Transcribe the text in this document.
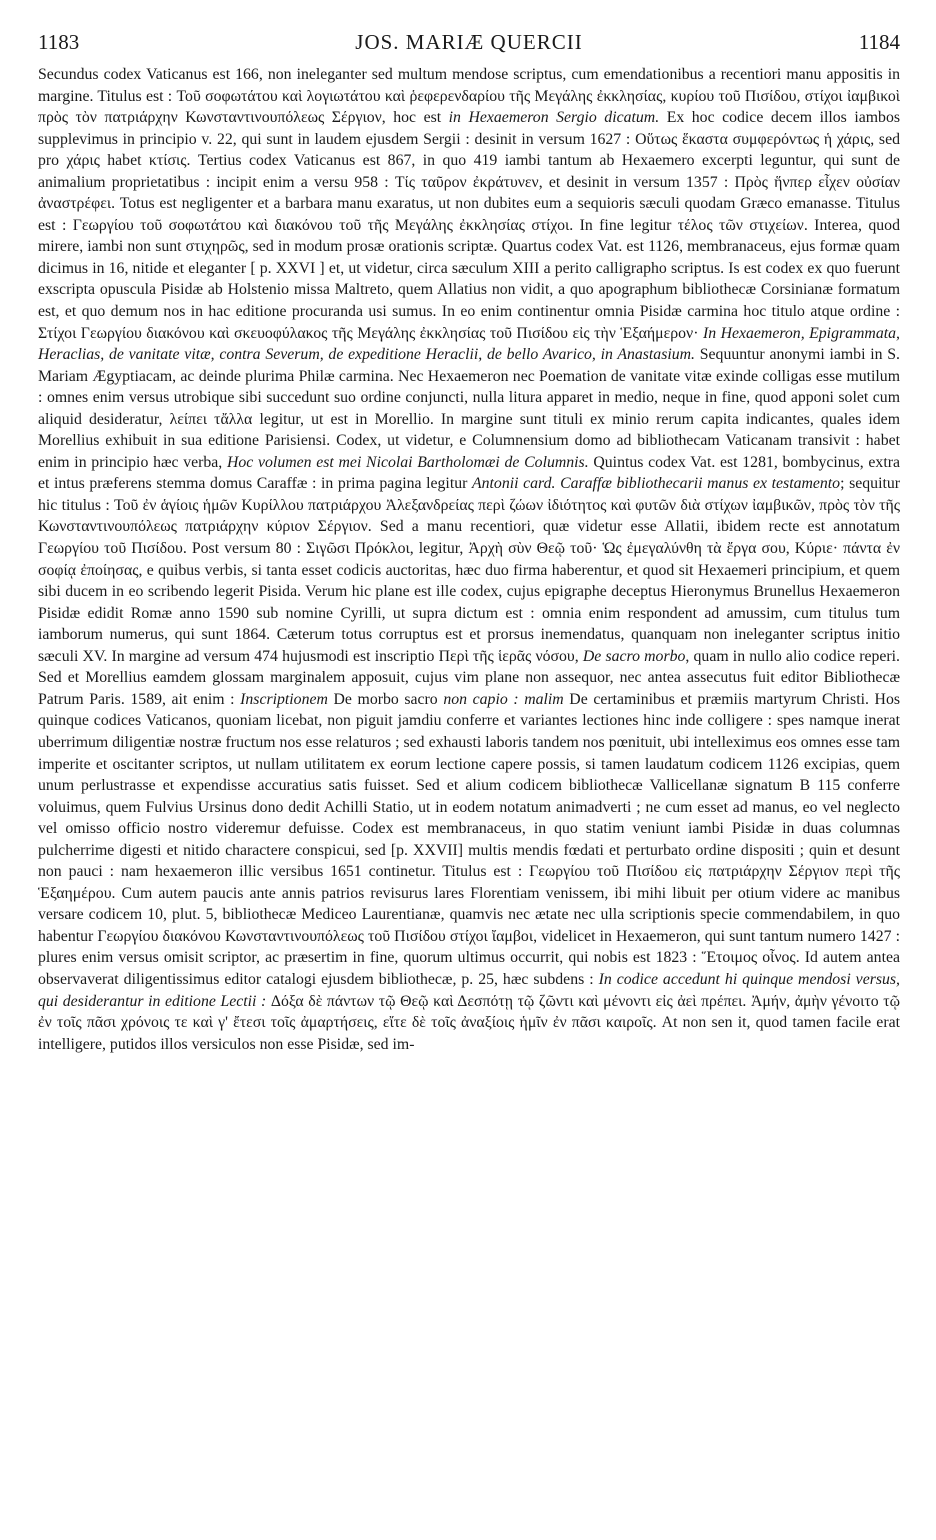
1183	JOS. MARIÆ QUERCII	1184

Secundus codex Vaticanus est 166, non ineleganter sed multum mendose scriptus, cum emendationibus a recentiori manu appositis in margine. Titulus est : Τοῦ σοφωτάτου καὶ λογιωτάτου καὶ ῥεφερενδαρίου τῆς Μεγάλης ἐκκλησίας, κυρίου τοῦ Πισίδου, στίχοι ἰαμβικοὶ πρὸς τὸν πατριάρχην Κωνσταντινουπόλεως Σέργιον, hoc est in Hexaemeron Sergio dicatum. Ex hoc codice decem illos iambos supplevimus in principio v. 22, qui sunt in laudem ejusdem Sergii : desinit in versum 1627 : Οὕτως ἕκαστα συμφερόντως ἡ χάρις, sed pro χάρις habet κτίσις. Tertius codex Vaticanus est 867, in quo 419 iambi tantum ab Hexaemero excerpti leguntur, qui sunt de animalium proprietatibus : incipit enim a versu 958 : Τίς ταῦρον ἐκράτυνεν, et desinit in versum 1357 : Πρὸς ἥνπερ εἶχεν οὐσίαν ἀναστρέφει. Totus est negligenter et a barbara manu exaratus, ut non dubites eum a sequioris sæculi quodam Græco emanasse. Titulus est : Γεωργίου τοῦ σοφωτάτου καὶ διακόνου τοῦ τῆς Μεγάλης ἐκκλησίας στίχοι. In fine legitur τέλος τῶν στιχείων. Interea, quod mirere, iambi non sunt στιχηρῶς, sed in modum prosæ orationis scriptæ. Quartus codex Vat. est 1126, membranaceus, ejus formæ quam dicimus in 16, nitide et eleganter [ p. XXVI ] et, ut videtur, circa sæculum XIII a perito calligrapho scriptus. Is est codex ex quo fuerunt exscripta opuscula Pisidæ ab Holstenio missa Maltreto, quem Allatius non vidit, a quo apographum bibliothecæ Corsinianæ formatum est, et quo demum nos in hac editione procuranda usi sumus. In eo enim continentur omnia Pisidæ carmina hoc titulo atque ordine : Στίχοι Γεωργίου διακόνου καὶ σκευοφύλακος τῆς Μεγάλης ἐκκλησίας τοῦ Πισίδου εἰς τὴν Ἑξαήμερον· In Hexaemeron, Epigrammata, Heraclias, de vanitate vitæ, contra Severum, de expeditione Heraclii, de bello Avarico, in Anastasium. Sequuntur anonymi iambi in S. Mariam Ægyptiacam, ac deinde plurima Philæ carmina. Nec Hexaemeron nec Poemation de vanitate vitæ exinde colligas esse mutilum : omnes enim versus utrobique sibi succedunt suo ordine conjuncti, nulla litura apparet in medio, neque in fine, quod apponi solet cum aliquid desideratur, λείπει τἄλλα legitur, ut est in Morellio. In margine sunt tituli ex minio rerum capita indicantes, quales idem Morellius exhibuit in sua editione Parisiensi. Codex, ut videtur, e Columnensium domo ad bibliothecam Vaticanam transivit : habet enim in principio hæc verba, Hoc volumen est mei Nicolai Bartholomæi de Columnis. Quintus codex Vat. est 1281, bombycinus, extra et intus præferens stemma domus Caraffæ : in prima pagina legitur Antonii card. Caraffæ bibliothecarii manus ex testamento; sequitur hic titulus : Τοῦ ἐν ἁγίοις ἡμῶν Κυρίλλου πατριάρχου Ἀλεξανδρείας περὶ ζώων ἰδιότητος καὶ φυτῶν διὰ στίχων ἰαμβικῶν, πρὸς τὸν τῆς Κωνσταντινουπόλεως πατριάρχην κύριον Σέργιον. Sed a manu recentiori, quæ videtur esse Allatii, ibidem recte est annotatum Γεωργίου τοῦ Πισίδου. Post versum 80 : Σιγῶσι Πρόκλοι, legitur, Ἀρχὴ σὺν Θεῷ τοῦ· Ὡς ἐμεγαλύνθη τὰ ἔργα σου, Κύριε· πάντα ἐν σοφίᾳ ἐποίησας, e quibus verbis, si tanta esset codicis auctoritas, hæc duo firma haberentur, et quod sit Hexaemeri principium, et quem sibi ducem in eo scribendo legerit Pisida. Verum hic plane est ille codex, cujus epigraphe deceptus Hieronymus Brunellus Hexaemeron Pisidæ edidit Romæ anno 1590 sub nomine Cyrilli, ut supra dictum est : omnia enim respondent ad amussim, cum titulus tum iamborum numerus, qui sunt 1864. Cæterum totus corruptus est et prorsus inemendatus, quanquam non ineleganter scriptus initio sæculi XV. In margine ad versum 474 hujusmodi est inscriptio Περὶ τῆς ἱερᾶς νόσου, De sacro morbo, quam in nullo alio codice reperi. Sed et Morellius eamdem glossam marginalem apposuit, cujus vim plane non assequor, nec antea assecutus fuit editor Bibliothecæ Patrum Paris. 1589, ait enim : Inscriptionem De morbo sacro non capio : malim De certaminibus et præmiis martyrum Christi. Hos quinque codices Vaticanos, quoniam licebat, non piguit jamdiu conferre et variantes lectiones hinc inde colligere : spes namque inerat uberrimum diligentiæ nostræ fructum nos esse relaturos ; sed exhausti laboris tandem nos pœnituit, ubi intelleximus eos omnes esse tam imperite et oscitanter scriptos, ut nullam utilitatem ex eorum lectione capere possis, si tamen laudatum codicem 1126 excipias, quem unum perlustrasse et expendisse accuratius satis fuisset. Sed et alium codicem bibliothecæ Vallicellanæ signatum B 115 conferre voluimus, quem Fulvius Ursinus dono dedit Achilli Statio, ut in eodem notatum animadverti ; ne cum esset ad manus, eo vel neglecto vel omisso officio nostro videremur defuisse. Codex est membranaceus, in quo statim veniunt iambi Pisidæ in duas columnas pulcherrime digesti et nitido charactere conspicui, sed [p. XXVII] multis mendis fœdati et perturbato ordine dispositi ; quin et desunt non pauci : nam hexaemeron illic versibus 1651 continetur. Titulus est : Γεωργίου τοῦ Πισίδου εἰς πατριάρχην Σέργιον περὶ τῆς Ἑξαημέρου. Cum autem paucis ante annis patrios revisurus lares Florentiam venissem, ibi mihi libuit per otium videre ac manibus versare codicem 10, plut. 5, bibliothecæ Mediceo Laurentianæ, quamvis nec ætate nec ulla scriptionis specie commendabilem, in quo habentur Γεωργίου διακόνου Κωνσταντινουπόλεως τοῦ Πισίδου στίχοι ἴαμβοι, videlicet in Hexaemeron, qui sunt tantum numero 1427 : plures enim versus omisit scriptor, ac præsertim in fine, quorum ultimus occurrit, qui nobis est 1823 : Ἕτοιμος οἶνος. Id autem antea observaverat diligentissimus editor catalogi ejusdem bibliothecæ, p. 25, hæc subdens : In codice accedunt hi quinque mendosi versus, qui desiderantur in editione Lectii : Δόξα δὲ πάντων τῷ Θεῷ καὶ Δεσπότῃ τῷ ζῶντι καὶ μένοντι εἰς ἀεὶ πρέπει. Ἀμήν, ἀμὴν γένοιτο τῷ ἐν τοῖς πᾶσι χρόνοις τε καὶ γ' ἔτεσι τοῖς ἀμαρτήσεις, εἴτε δὲ τοῖς ἀναξίοις ἡμῖν ἐν πᾶσι καιροῖς. At non sen it, quod tamen facile erat intelligere, putidos illos versiculos non esse Pisidæ, sed im-
